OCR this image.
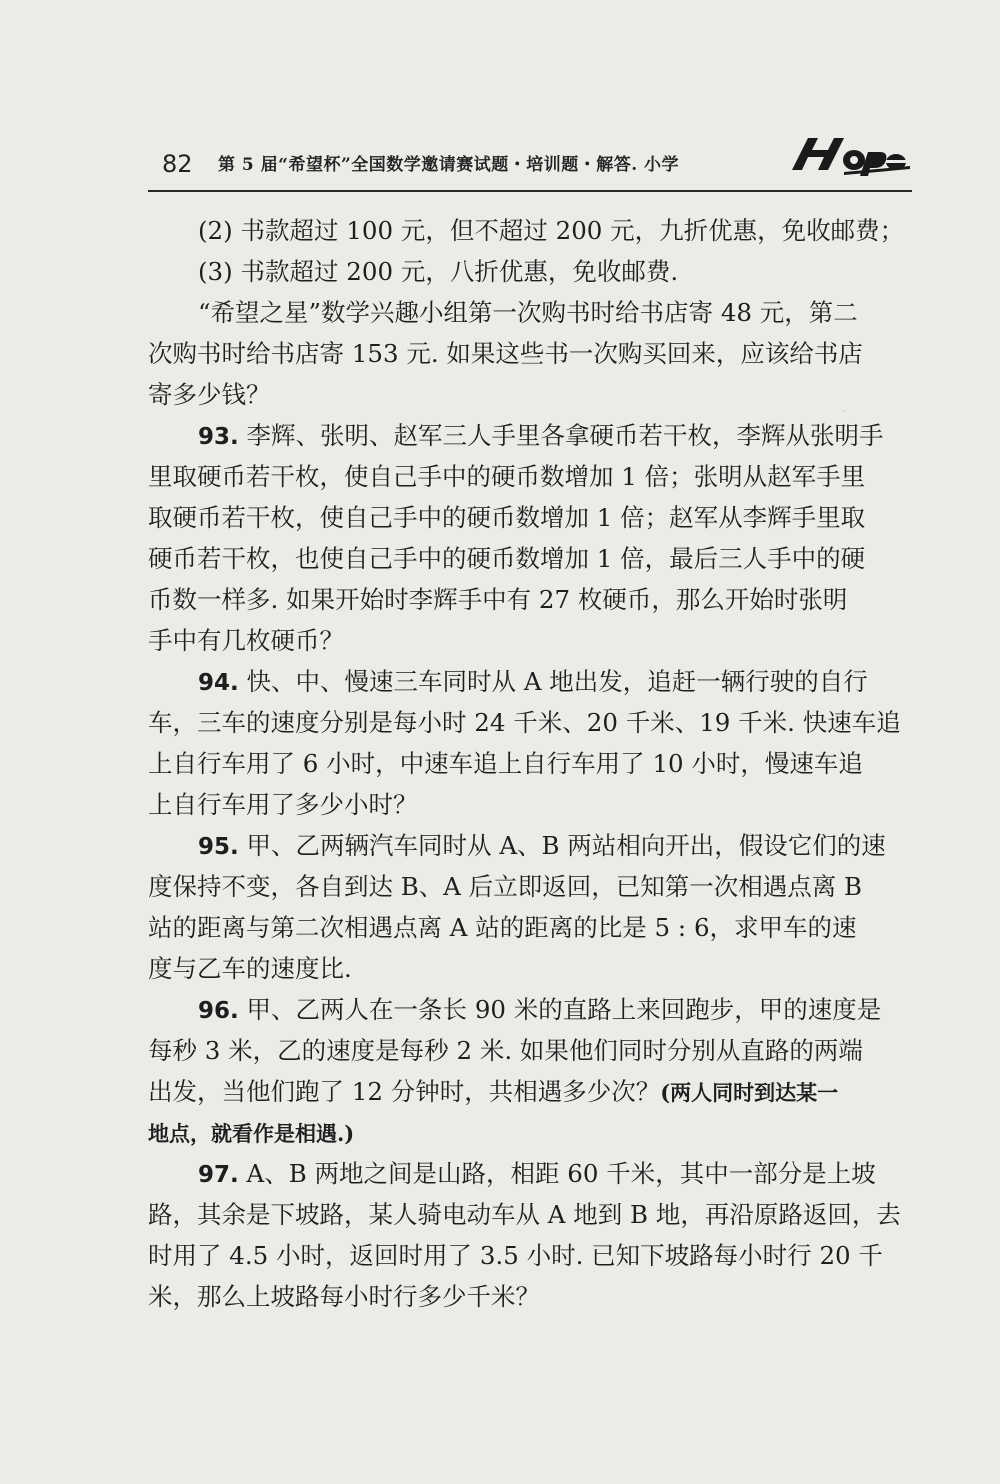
·
82 第 5 届“希望杯”全国数学邀请赛试题・培训题・解答. 小学
(2) 书款超过 100 元，但不超过 200 元，九折优惠，免收邮费；
(3) 书款超过 200 元，八折优惠，免收邮费.
“希望之星”数学兴趣小组第一次购书时给书店寄 48 元，第二
次购书时给书店寄 153 元. 如果这些书一次购买回来，应该给书店
寄多少钱？
93. 李辉、张明、赵军三人手里各拿硬币若干枚，李辉从张明手
里取硬币若干枚，使自己手中的硬币数增加 1 倍；张明从赵军手里
取硬币若干枚，使自己手中的硬币数增加 1 倍；赵军从李辉手里取
硬币若干枚，也使自己手中的硬币数增加 1 倍，最后三人手中的硬
币数一样多. 如果开始时李辉手中有 27 枚硬币，那么开始时张明
手中有几枚硬币？
94. 快、中、慢速三车同时从 A 地出发，追赶一辆行驶的自行
车，三车的速度分别是每小时 24 千米、20 千米、19 千米. 快速车追
上自行车用了 6 小时，中速车追上自行车用了 10 小时，慢速车追
上自行车用了多少小时？
95. 甲、乙两辆汽车同时从 A、B 两站相向开出，假设它们的速
度保持不变，各自到达 B、A 后立即返回，已知第一次相遇点离 B
站的距离与第二次相遇点离 A 站的距离的比是 5 : 6，求甲车的速
度与乙车的速度比.
96. 甲、乙两人在一条长 90 米的直路上来回跑步，甲的速度是
每秒 3 米，乙的速度是每秒 2 米. 如果他们同时分别从直路的两端
出发，当他们跑了 12 分钟时，共相遇多少次？(两人同时到达某一
地点，就看作是相遇.)
97. A、B 两地之间是山路，相距 60 千米，其中一部分是上坡
路，其余是下坡路，某人骑电动车从 A 地到 B 地，再沿原路返回，去
时用了 4.5 小时，返回时用了 3.5 小时. 已知下坡路每小时行 20 千
米，那么上坡路每小时行多少千米？
